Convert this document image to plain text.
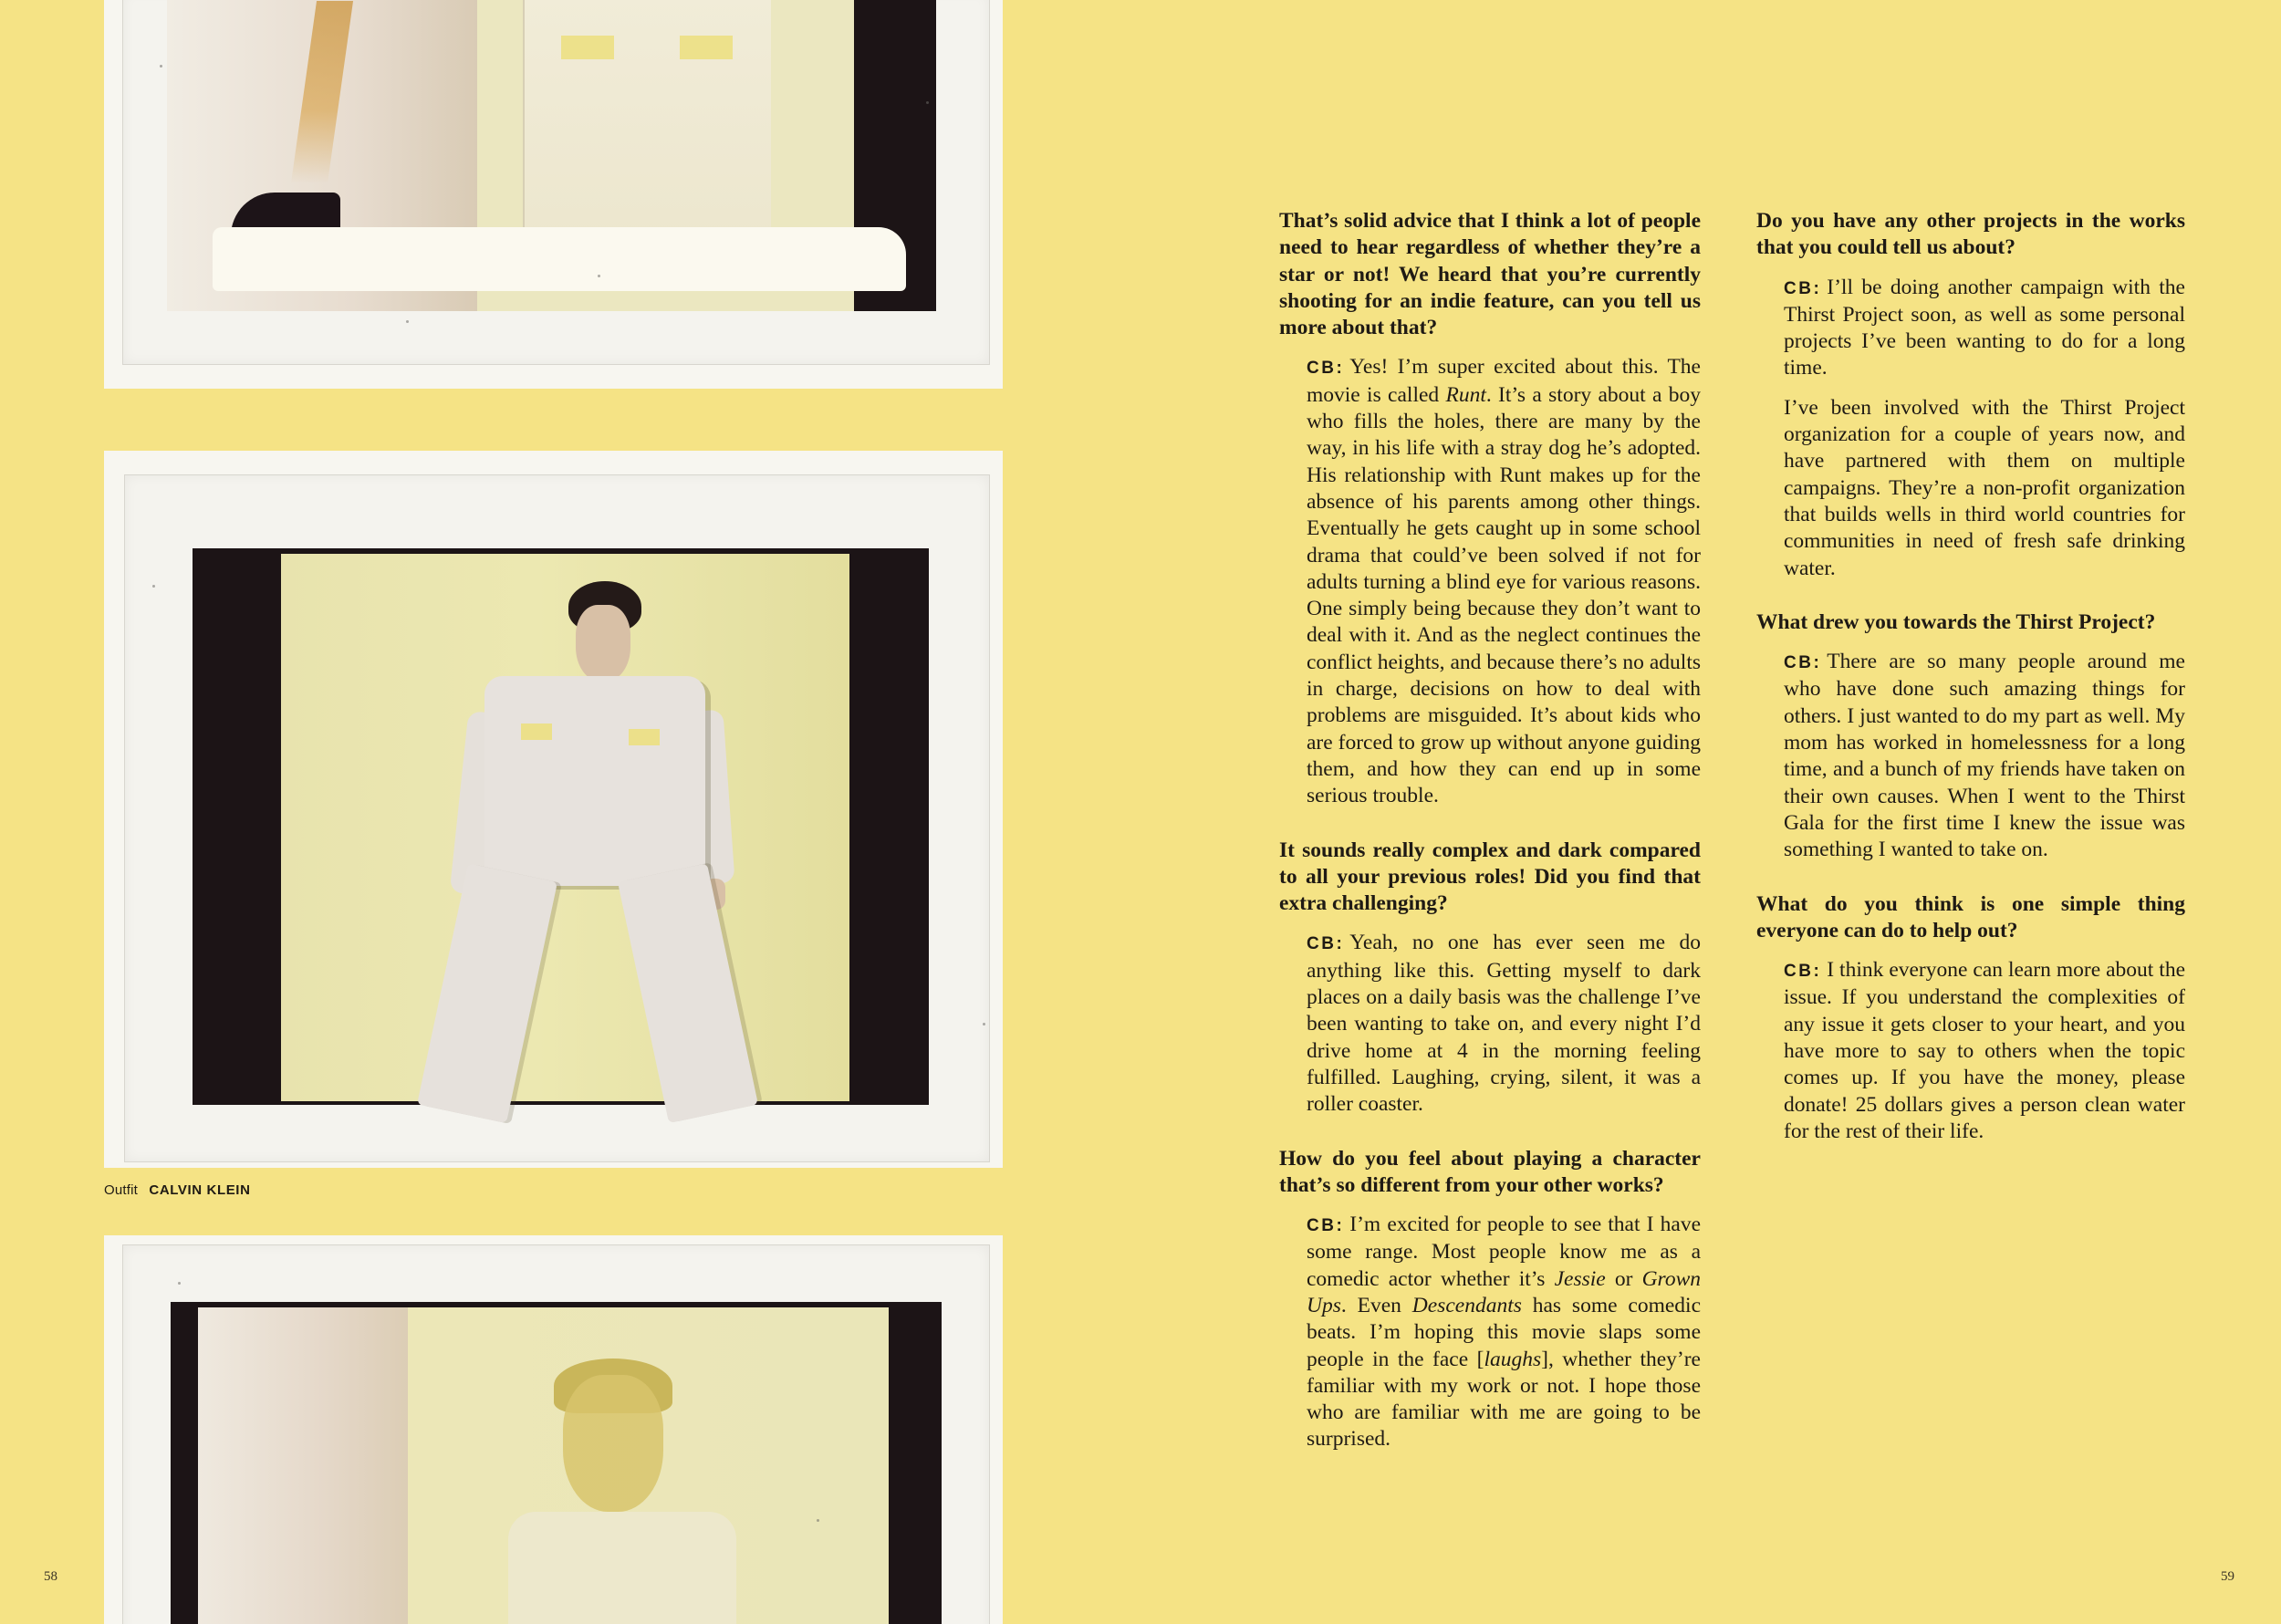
Outfit CALVIN KLEIN
58

That’s solid advice that I think a lot of people need to hear regardless of whether they’re a star or not! We heard that you’re currently shooting for an indie feature, can you tell us more about that?

CB: Yes! I’m super excited about this. The movie is called Runt. It’s a story about a boy who fills the holes, there are many by the way, in his life with a stray dog he’s adopted. His relationship with Runt makes up for the absence of his parents among other things. Eventually he gets caught up in some school drama that could’ve been solved if not for adults turning a blind eye for various reasons. One simply being because they don’t want to deal with it. And as the neglect continues the conflict heights, and because there’s no adults in charge, decisions on how to deal with problems are misguided. It’s about kids who are forced to grow up without anyone guiding them, and how they can end up in some serious trouble.

It sounds really complex and dark compared to all your previous roles! Did you find that extra challenging?

CB: Yeah, no one has ever seen me do anything like this. Getting myself to dark places on a daily basis was the challenge I’ve been wanting to take on, and every night I’d drive home at 4 in the morning feeling fulfilled. Laughing, crying, silent, it was a roller coaster.

How do you feel about playing a character that’s so different from your other works?

CB: I’m excited for people to see that I have some range. Most people know me as a comedic actor whether it’s Jessie or Grown Ups. Even Descendants has some comedic beats. I’m hoping this movie slaps some people in the face [laughs], whether they’re familiar with my work or not. I hope those who are familiar with me are going to be surprised.

Do you have any other projects in the works that you could tell us about?

CB: I’ll be doing another campaign with the Thirst Project soon, as well as some personal projects I’ve been wanting to do for a long time.

I’ve been involved with the Thirst Project organization for a couple of years now, and have partnered with them on multiple campaigns. They’re a non-profit organization that builds wells in third world countries for communities in need of fresh safe drinking water.

What drew you towards the Thirst Project?

CB: There are so many people around me who have done such amazing things for others. I just wanted to do my part as well. My mom has worked in homelessness for a long time, and a bunch of my friends have taken on their own causes. When I went to the Thirst Gala for the first time I knew the issue was something I wanted to take on.

What do you think is one simple thing everyone can do to help out?

CB: I think everyone can learn more about the issue. If you understand the complexities of any issue it gets closer to your heart, and you have more to say to others when the topic comes up. If you have the money, please donate! 25 dollars gives a person clean water for the rest of their life.

59
